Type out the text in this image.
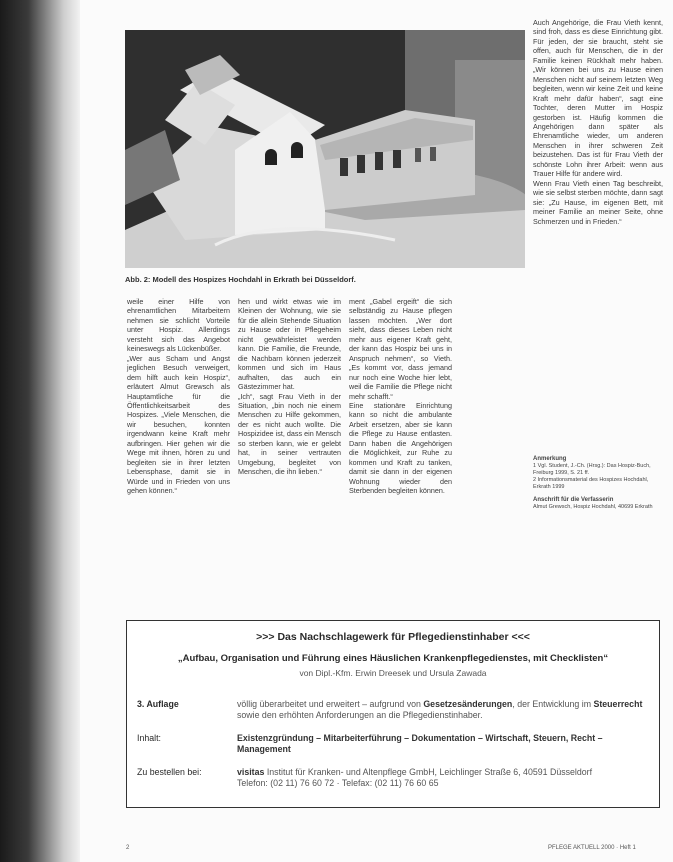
Abb. 2: Modell des Hospizes Hochdahl in Erkrath bei Düsseldorf.

weile einer Hilfe von ehrenamtlichen Mitarbeitern nehmen sie schlicht Vorteile unter Hospiz. Allerdings versteht sich das Angebot keineswegs als Lückenbüßer.

„Wer aus Scham und Angst jeglichen Besuch verweigert, dem hilft auch kein Hospiz“, erläutert Almut Grewsch als Hauptamtliche für die Öffentlichkeitsarbeit des Hospizes. „Viele Menschen, die wir besuchen, konnten irgendwann keine Kraft mehr aufbringen. Hier gehen wir die Wege mit ihnen, hören zu und begleiten sie in ihrer letzten Lebensphase, damit sie in Würde und in Frieden von uns gehen können.“

hen und wirkt etwas wie im Kleinen der Wohnung, wie sie für die allein Stehende Situation zu Hause oder in Pflegeheim nicht gewährleistet werden kann. Die Familie, die Freunde, die Nachbarn können jederzeit kommen und sich im Haus aufhalten, das auch ein Gästezimmer hat.

„Ich“, sagt Frau Vieth in der Situation, „bin noch nie einem Menschen zu Hilfe gekommen, der es nicht auch wollte. Die Hospizidee ist, dass ein Mensch so sterben kann, wie er gelebt hat, in seiner vertrauten Umgebung, begleitet von Menschen, die ihn lieben.“

ment „Gabel ergeift“ die sich selbständig zu Hause pflegen lassen möchten. „Wer dort sieht, dass dieses Leben nicht mehr aus eigener Kraft geht, der kann das Hospiz bei uns in Anspruch nehmen“, so Vieth. „Es kommt vor, dass jemand nur noch eine Woche hier lebt, weil die Familie die Pflege nicht mehr schafft.“

Eine stationäre Einrichtung kann so nicht die ambulante Arbeit ersetzen, aber sie kann die Pflege zu Hause entlasten. Dann haben die Angehörigen die Möglichkeit, zur Ruhe zu kommen und Kraft zu tanken, damit sie dann in der eigenen Wohnung wieder den Sterbenden begleiten können.

Auch Angehörige, die Frau Vieth kennt, sind froh, dass es diese Einrichtung gibt. Für jeden, der sie braucht, steht sie offen, auch für Menschen, die in der Familie keinen Rückhalt mehr haben. „Wir können bei uns zu Hause einen Menschen nicht auf seinem letzten Weg begleiten, wenn wir keine Zeit und keine Kraft mehr dafür haben“, sagt eine Tochter, deren Mutter im Hospiz gestorben ist. Häufig kommen die Angehörigen dann später als Ehrenamtliche wieder, um anderen Menschen in ihrer schweren Zeit beizustehen. Das ist für Frau Vieth der schönste Lohn ihrer Arbeit: wenn aus Trauer Hilfe für andere wird.

Wenn Frau Vieth einen Tag beschreibt, wie sie selbst sterben möchte, dann sagt sie: „Zu Hause, im eigenen Bett, mit meiner Familie an meiner Seite, ohne Schmerzen und in Frieden.“

Anmerkung

1 Vgl. Student, J.-Ch. (Hrsg.): Das Hospiz-Buch, Freiburg 1999, S. 21 ff.

2 Informationsmaterial des Hospizes Hochdahl, Erkrath 1999

Anschrift für die Verfasserin

Almut Grewsch, Hospiz Hochdahl, 40699 Erkrath

>>> Das Nachschlagewerk für Pflegedienstinhaber <<<
„Aufbau, Organisation und Führung eines Häuslichen Krankenpflegedienstes, mit Checklisten“
von Dipl.-Kfm. Erwin Dreesek und Ursula Zawada
3. Auflage	völlig überarbeitet und erweitert – aufgrund von Gesetzesänderungen, der Entwicklung im Steuerrecht sowie den erhöhten Anforderungen an die Pflegedienstinhaber.
Inhalt:	Existenzgründung – Mitarbeiterführung – Dokumentation – Wirtschaft, Steuern, Recht – Management
Zu bestellen bei:	visitas Institut für Kranken- und Altenpflege GmbH, Leichlinger Straße 6, 40591 Düsseldorf
Telefon: (02 11) 76 60 72 · Telefax: (02 11) 76 60 65
2	PFLEGE AKTUELL 2000 · Heft 1
